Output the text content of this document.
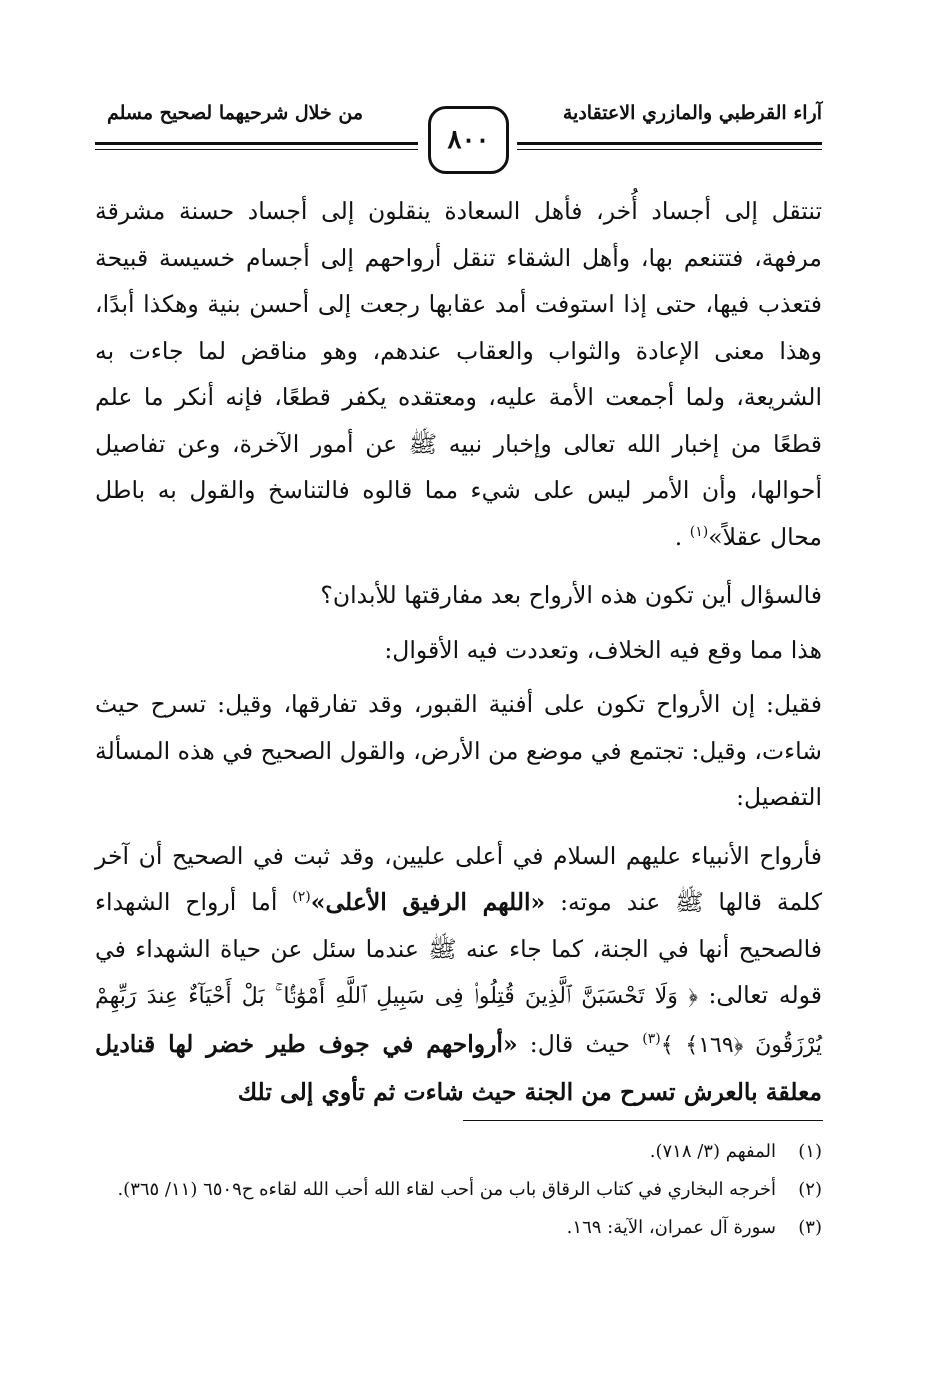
آراء القرطبي والمازري الاعتقادية
من خلال شرحيهما لصحيح مسلم
٨٠٠

تنتقل إلى أجساد أُخر، فأهل السعادة ينقلون إلى أجساد حسنة مشرقة مرفهة، فتتنعم بها، وأهل الشقاء تنقل أرواحهم إلى أجسام خسيسة قبيحة فتعذب فيها، حتى إذا استوفت أمد عقابها رجعت إلى أحسن بنية وهكذا أبدًا، وهذا معنى الإعادة والثواب والعقاب عندهم، وهو مناقض لما جاءت به الشريعة، ولما أجمعت الأمة عليه، ومعتقده يكفر قطعًا، فإنه أنكر ما علم قطعًا من إخبار الله تعالى وإخبار نبيه ﷺ عن أمور الآخرة، وعن تفاصيل أحوالها، وأن الأمر ليس على شيء مما قالوه فالتناسخ والقول به باطل محال عقلاً»$^{(١)}$ .

فالسؤال أين تكون هذه الأرواح بعد مفارقتها للأبدان؟

هذا مما وقع فيه الخلاف، وتعددت فيه الأقوال:

فقيل: إن الأرواح تكون على أفنية القبور، وقد تفارقها، وقيل: تسرح حيث شاءت، وقيل: تجتمع في موضع من الأرض، والقول الصحيح في هذه المسألة التفصيل:

فأرواح الأنبياء عليهم السلام في أعلى عليين، وقد ثبت في الصحيح أن آخر كلمة قالها ﷺ عند موته: «اللهم الرفيق الأعلى»$^{(٢)}$ أما أرواح الشهداء فالصحيح أنها في الجنة، كما جاء عنه ﷺ عندما سئل عن حياة الشهداء في قوله تعالى: ﴿ وَلَا تَحْسَبَنَّ ٱلَّذِينَ قُتِلُوا۟ فِى سَبِيلِ ٱللَّهِ أَمْوَٰتًۢا ۚ بَلْ أَحْيَآءٌ عِندَ رَبِّهِمْ يُرْزَقُونَ ﴿١٦٩﴾ ﴾$^{(٣)}$ حيث قال: «أرواحهم في جوف طير خضر لها قناديل معلقة بالعرش تسرح من الجنة حيث شاءت ثم تأوي إلى تلك

(١)
المفهم (٣/ ٧١٨).
(٢)
أخرجه البخاري في كتاب الرقاق باب من أحب لقاء الله أحب الله لقاءه ح٦٥٠٩ (١١/ ٣٦٥).
(٣)
سورة آل عمران، الآية: ١٦٩.
